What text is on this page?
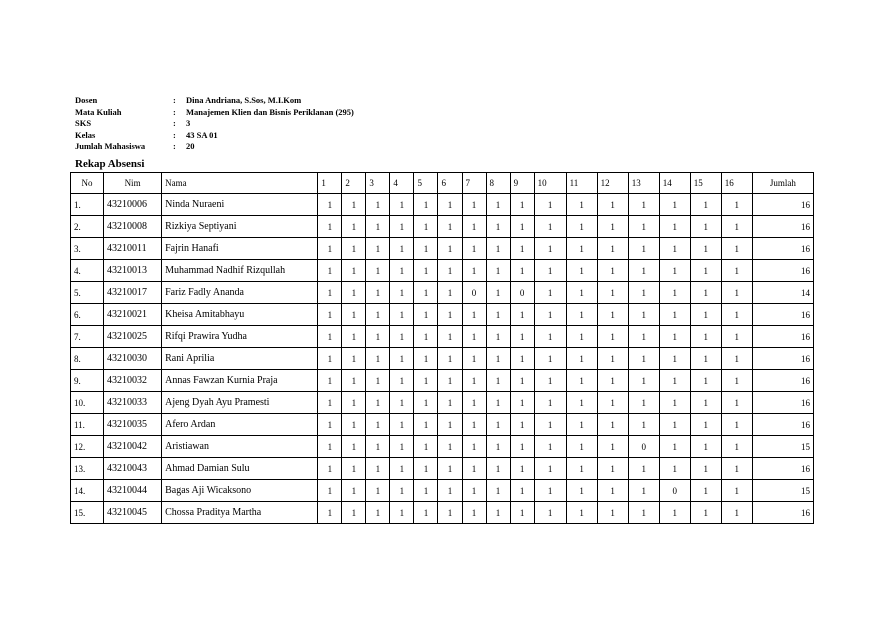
Dosen	:	Dina Andriana, S.Sos, M.I.Kom
Mata Kuliah	:	Manajemen Klien dan Bisnis Periklanan (295)
SKS	:	3
Kelas	:	43 SA 01
Jumlah Mahasiswa	:	20
Rekap Absensi
No	Nim	Nama	1	2	3	4	5	6	7	8	9	10	11	12	13	14	15	16	Jumlah
1.	43210006	Ninda Nuraeni	1	1	1	1	1	1	1	1	1	1	1	1	1	1	1	1	16
2.	43210008	Rizkiya Septiyani	1	1	1	1	1	1	1	1	1	1	1	1	1	1	1	1	16
3.	43210011	Fajrin Hanafi	1	1	1	1	1	1	1	1	1	1	1	1	1	1	1	1	16
4.	43210013	Muhammad Nadhif Rizqullah	1	1	1	1	1	1	1	1	1	1	1	1	1	1	1	1	16
5.	43210017	Fariz Fadly Ananda	1	1	1	1	1	1	0	1	0	1	1	1	1	1	1	1	14
6.	43210021	Kheisa Amitabhayu	1	1	1	1	1	1	1	1	1	1	1	1	1	1	1	1	16
7.	43210025	Rifqi Prawira Yudha	1	1	1	1	1	1	1	1	1	1	1	1	1	1	1	1	16
8.	43210030	Rani Aprilia	1	1	1	1	1	1	1	1	1	1	1	1	1	1	1	1	16
9.	43210032	Annas Fawzan Kurnia Praja	1	1	1	1	1	1	1	1	1	1	1	1	1	1	1	1	16
10.	43210033	Ajeng Dyah Ayu Pramesti	1	1	1	1	1	1	1	1	1	1	1	1	1	1	1	1	16
11.	43210035	Afero Ardan	1	1	1	1	1	1	1	1	1	1	1	1	1	1	1	1	16
12.	43210042	Aristiawan	1	1	1	1	1	1	1	1	1	1	1	1	0	1	1	1	15
13.	43210043	Ahmad Damian Sulu	1	1	1	1	1	1	1	1	1	1	1	1	1	1	1	1	16
14.	43210044	Bagas Aji Wicaksono	1	1	1	1	1	1	1	1	1	1	1	1	1	0	1	1	15
15.	43210045	Chossa Praditya Martha	1	1	1	1	1	1	1	1	1	1	1	1	1	1	1	1	16
